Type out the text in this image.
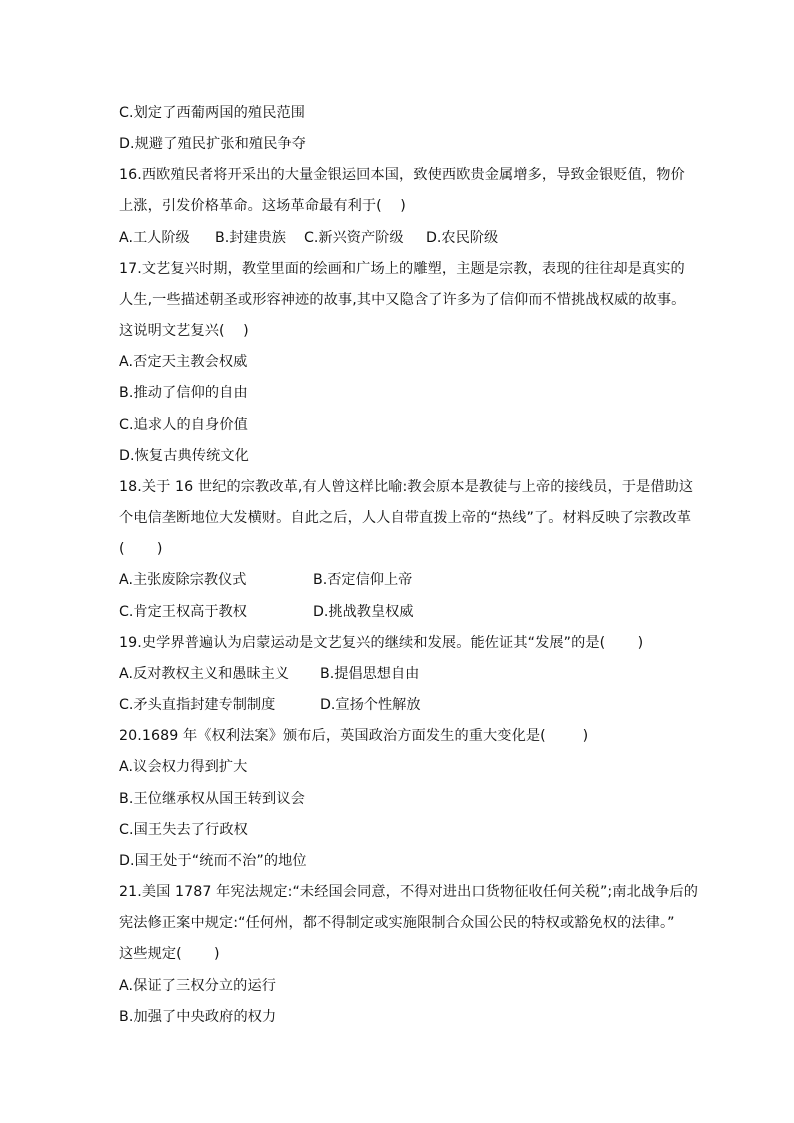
C.划定了西葡两国的殖民范围
D.规避了殖民扩张和殖民争夺
16.西欧殖民者将开采出的大量金银运回本国，致使西欧贵金属增多，导致金银贬值，物价
上涨，引发价格革命。这场革命最有利于(    )
A.工人阶级 B.封建贵族 C.新兴资产阶级 D.农民阶级
17.文艺复兴时期，教堂里面的绘画和广场上的雕塑，主题是宗教，表现的往往却是真实的
人生,一些描述朝圣或形容神迹的故事,其中又隐含了许多为了信仰而不惜挑战权威的故事。
这说明文艺复兴(    )
A.否定天主教会权威
B.推动了信仰的自由
C.追求人的自身价值
D.恢复古典传统文化
18.关于 16 世纪的宗教改革,有人曾这样比喻:教会原本是教徒与上帝的接线员，于是借助这
个电信垄断地位大发横财。自此之后，人人自带直拨上帝的“热线”了。材料反映了宗教改革
(       )
A.主张废除宗教仪式	B.否定信仰上帝
C.肯定王权高于教权	D.挑战教皇权威
19.史学界普遍认为启蒙运动是文艺复兴的继续和发展。能佐证其“发展”的是(       )
A.反对教权主义和愚昧主义 B.提倡思想自由
C.矛头直指封建专制制度	D.宣扬个性解放
20.1689 年《权利法案》颁布后，英国政治方面发生的重大变化是(        )
A.议会权力得到扩大
B.王位继承权从国王转到议会
C.国王失去了行政权
D.国王处于“统而不治”的地位
21.美国 1787 年宪法规定:“未经国会同意，不得对进出口货物征收任何关税”;南北战争后的
宪法修正案中规定:“任何州，都不得制定或实施限制合众国公民的特权或豁免权的法律。”
这些规定(       )
A.保证了三权分立的运行
B.加强了中央政府的权力
